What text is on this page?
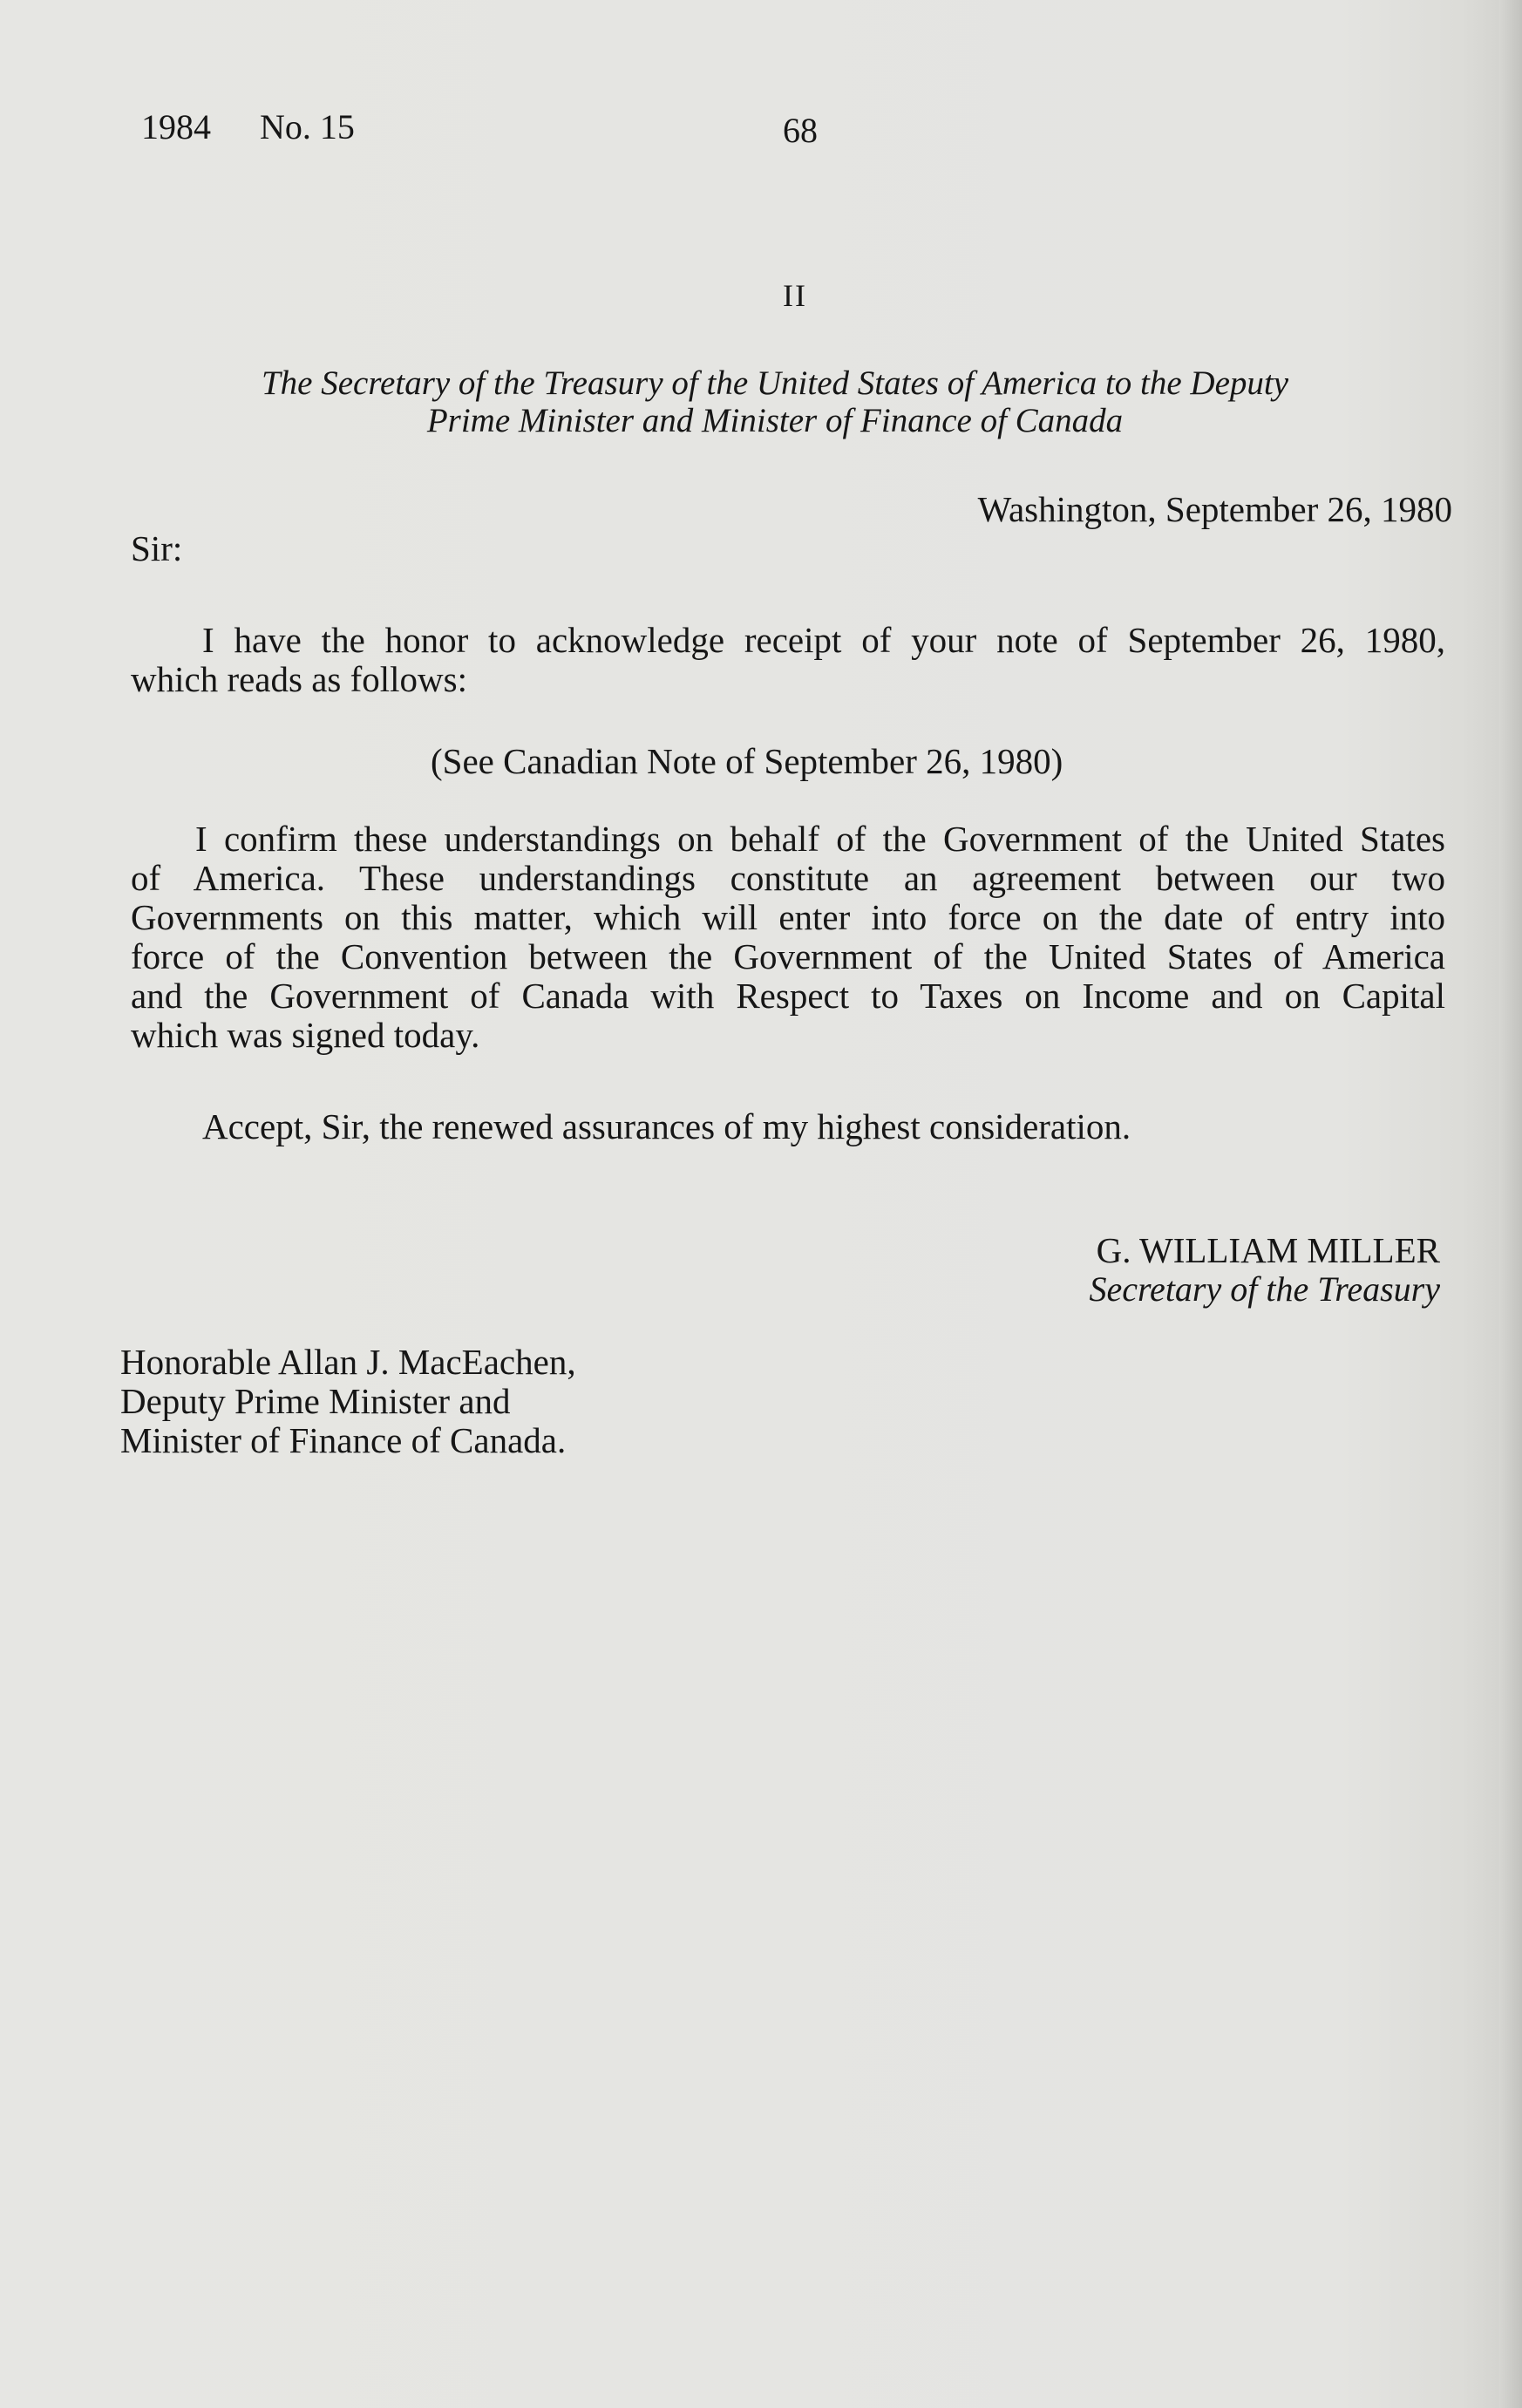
1984 No. 15	68
II
The Secretary of the Treasury of the United States of America to the Deputy
Prime Minister and Minister of Finance of Canada
Washington, September 26, 1980
Sir:
I have the honor to acknowledge receipt of your note of September 26, 1980,
which reads as follows:
(See Canadian Note of September 26, 1980)
I confirm these understandings on behalf of the Government of the United States
of America. These understandings constitute an agreement between our two
Governments on this matter, which will enter into force on the date of entry into
force of the Convention between the Government of the United States of America
and the Government of Canada with Respect to Taxes on Income and on Capital
which was signed today.
Accept, Sir, the renewed assurances of my highest consideration.
G. WILLIAM MILLER
Secretary of the Treasury
Honorable Allan J. MacEachen,
Deputy Prime Minister and
Minister of Finance of Canada.
